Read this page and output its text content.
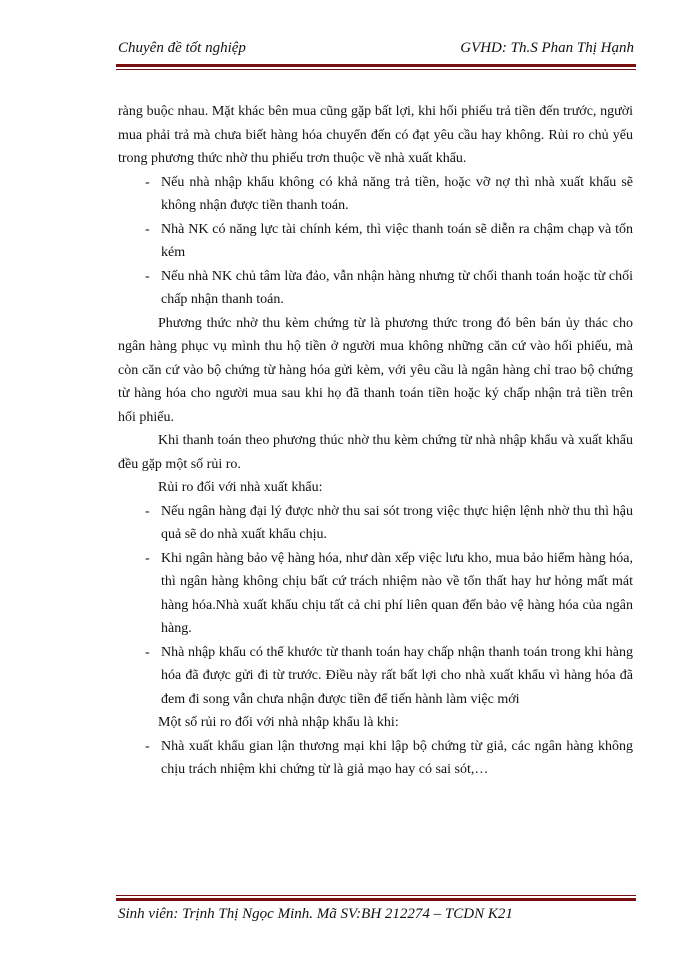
Chuyên đề tốt nghiệp	GVHD: Th.S Phan Thị Hạnh

ràng buộc nhau. Mặt khác bên mua cũng gặp bất lợi, khi hối phiếu trả tiền đến trước, người mua phải trả mà chưa biết hàng hóa chuyển đến có đạt yêu cầu hay không. Rủi ro chủ yếu trong phương thức nhờ thu phiếu trơn thuộc về nhà xuất khẩu.

- Nếu nhà nhập khẩu không có khả năng trả tiền, hoặc vỡ nợ thì nhà xuất khẩu sẽ không nhận được tiền thanh toán.

- Nhà NK có năng lực tài chính kém, thì việc thanh toán sẽ diễn ra chậm chạp và tốn kém

- Nếu nhà NK chủ tâm lừa đảo, vẫn nhận hàng nhưng từ chối thanh toán hoặc từ chối chấp nhận thanh toán.

Phương thức nhờ thu kèm chứng từ là phương thức trong đó bên bán ủy thác cho ngân hàng phục vụ mình thu hộ tiền ở người mua không những căn cứ vào hối phiếu, mà còn căn cứ vào bộ chứng từ hàng hóa gửi kèm, với yêu cầu là ngân hàng chỉ trao bộ chứng từ hàng hóa cho người mua sau khi họ đã thanh toán tiền hoặc ký chấp nhận trả tiền trên hối phiếu.

Khi thanh toán theo phương thúc nhờ thu kèm chứng từ nhà nhập khẩu và xuất khẩu đều gặp một số rủi ro.

Rủi ro đối với nhà xuất khẩu:

- Nếu ngân hàng đại lý được nhờ thu sai sót trong việc thực hiện lệnh nhờ thu thì hậu quả sẽ do nhà xuất khẩu chịu.

- Khi ngân hàng bảo vệ hàng hóa, như dàn xếp việc lưu kho, mua bảo hiểm hàng hóa, thì ngân hàng không chịu bất cứ trách nhiệm nào về tổn thất hay hư hỏng mất mát hàng hóa.Nhà xuất khẩu chịu tất cả chi phí liên quan đến bảo vệ hàng hóa của ngân hàng.

- Nhà nhập khẩu có thể khước từ thanh toán hay chấp nhận thanh toán trong khi hàng hóa đã được gửi đi từ trước. Điều này rất bất lợi cho nhà xuất khẩu vì hàng hóa đã đem đi song vẫn chưa nhận được tiền để tiến hành làm việc mới

Một số rủi ro đối với nhà nhập khẩu là khi:

- Nhà xuất khẩu gian lận thương mại khi lập bộ chứng từ giả, các ngân hàng không chịu trách nhiệm khi chứng từ là giả mạo hay có sai sót,…

Sinh viên: Trịnh Thị Ngọc Minh. Mã SV:BH 212274 – TCDN K21
